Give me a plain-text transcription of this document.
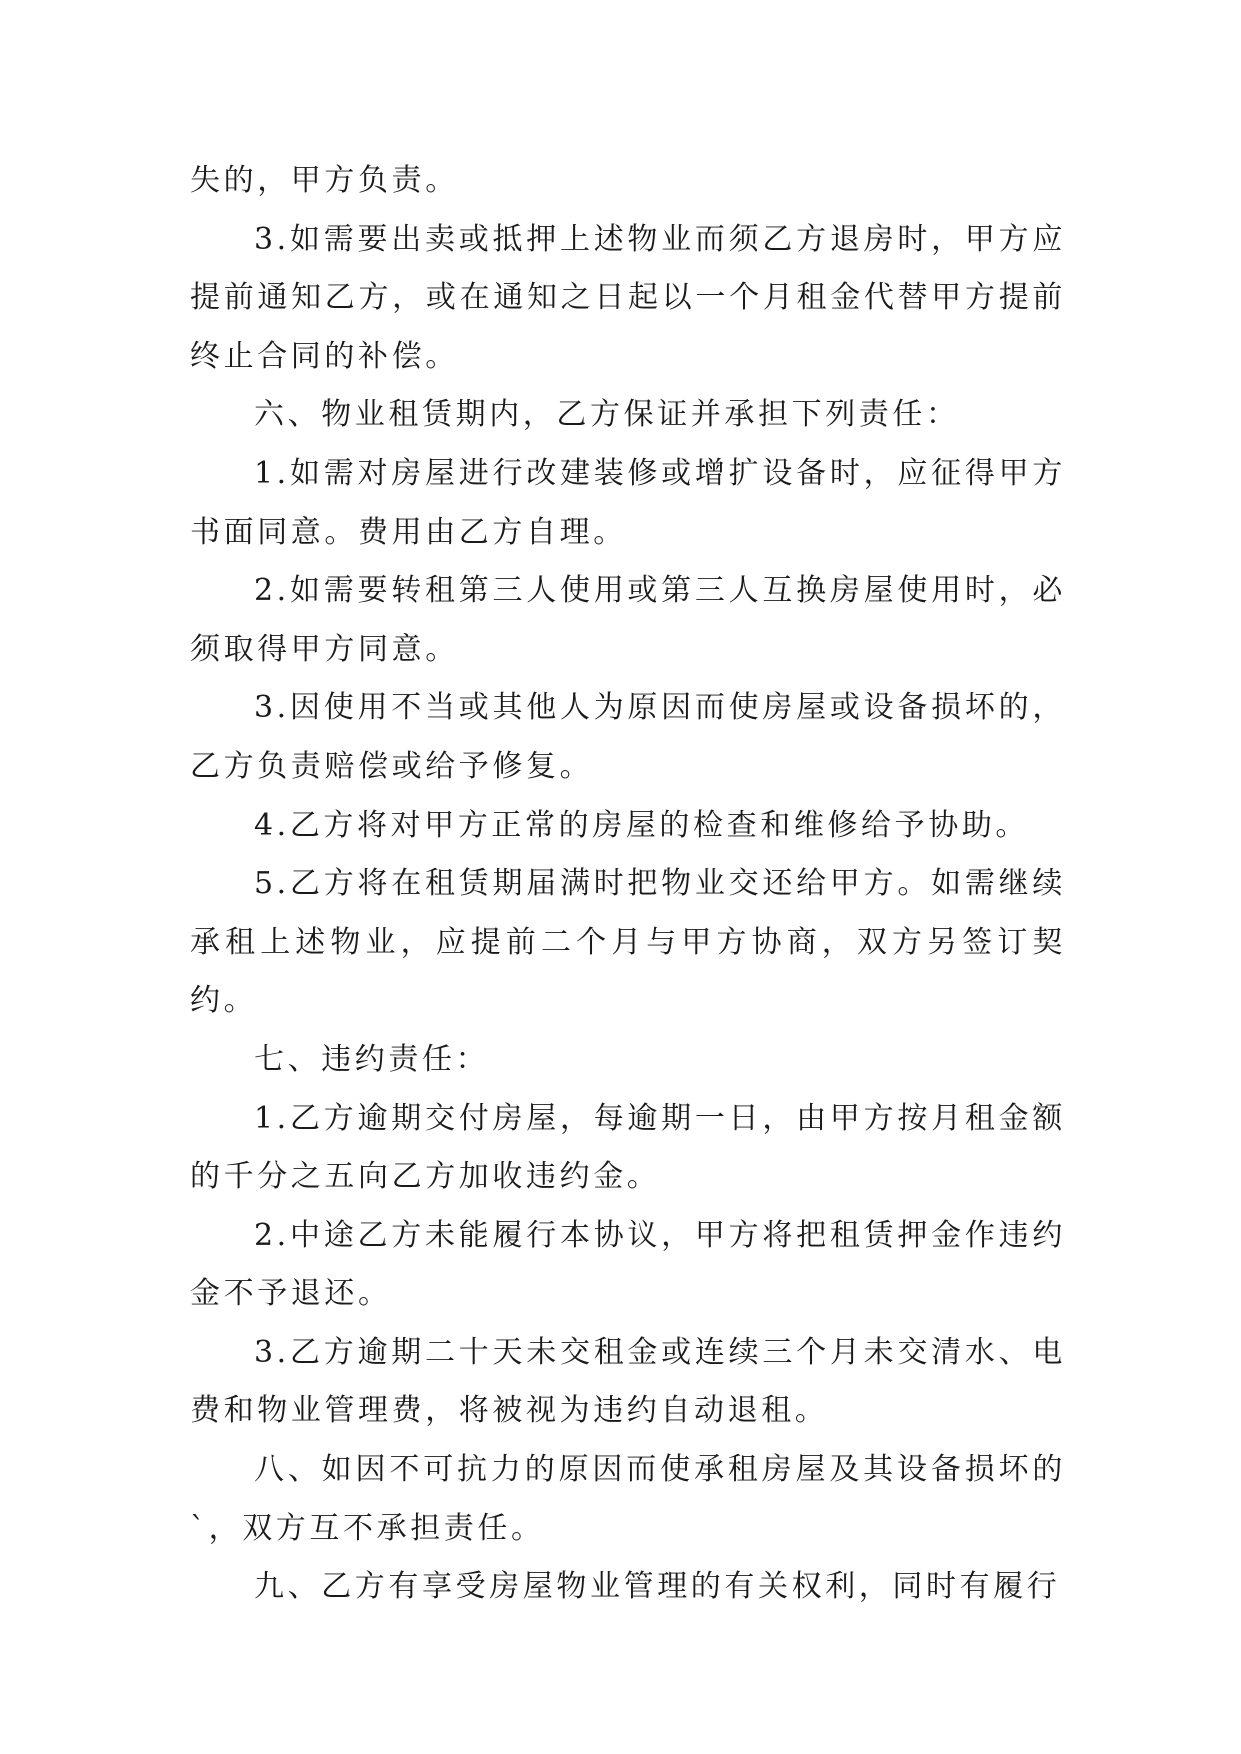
失的，甲方负责。

3.如需要出卖或抵押上述物业而须乙方退房时，甲方应提前通知乙方，或在通知之日起以一个月租金代替甲方提前终止合同的补偿。

六、物业租赁期内，乙方保证并承担下列责任：

1.如需对房屋进行改建装修或增扩设备时，应征得甲方书面同意。费用由乙方自理。

2.如需要转租第三人使用或第三人互换房屋使用时，必须取得甲方同意。

3.因使用不当或其他人为原因而使房屋或设备损坏的，乙方负责赔偿或给予修复。

4.乙方将对甲方正常的房屋的检查和维修给予协助。

5.乙方将在租赁期届满时把物业交还给甲方。如需继续承租上述物业，应提前二个月与甲方协商，双方另签订契约。

七、违约责任：

1.乙方逾期交付房屋，每逾期一日，由甲方按月租金额的千分之五向乙方加收违约金。

2.中途乙方未能履行本协议，甲方将把租赁押金作违约金不予退还。

3.乙方逾期二十天未交租金或连续三个月未交清水、电费和物业管理费，将被视为违约自动退租。

八、如因不可抗力的原因而使承租房屋及其设备损坏的`，双方互不承担责任。

九、乙方有享受房屋物业管理的有关权利，同时有履行
